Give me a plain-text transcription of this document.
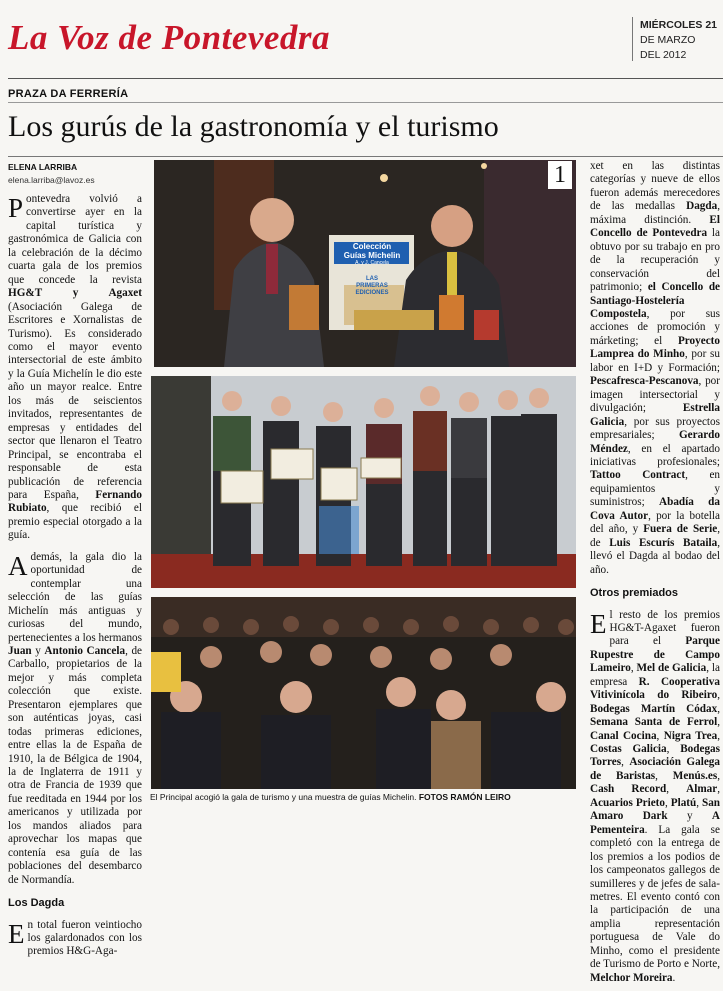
La Voz de Pontevedra	MIÉRCOLES 21
DE MARZO
DEL 2012
PRAZA DA FERRERÍA
Los gurús de la gastronomía y el turismo
ELENA LARRIBA
elena.larriba@lavoz.es

Pontevedra volvió a convertirse ayer en la capital turística y gastronómica de Galicia con la celebración de la décimo cuarta gala de los premios que concede la revista HG&T y Agaxet (Asociación Galega de Escritores e Xornalistas de Turismo). Es considerado como el mayor evento intersectorial de este ámbito y la Guía Michelín le dio este año un mayor realce. Entre los más de seiscientos invitados, representantes de empresas y entidades del sector que llenaron el Teatro Principal, se encontraba el responsable de esta publicación de referencia para España, Fernando Rubiato, que recibió el premio especial otorgado a la guía.

Además, la gala dio la oportunidad de contemplar una selección de las guías Michelín más antiguas y curiosas del mundo, pertenecientes a los hermanos Juan y Antonio Cancela, de Carballo, propietarios de la mejor y más completa colección que existe. Presentaron ejemplares que son auténticas joyas, casi todas primeras ediciones, entre ellas la de España de 1910, la de Bélgica de 1904, la de Inglaterra de 1911 y otra de Francia de 1939 que fue reeditada en 1944 por los americanos y utilizada por los mandos aliados para aprovechar los mapas que contenía esa guía de las poblaciones del desembarco de Normandía.

Los Dagda

En total fueron veintiocho los galardonados con los premios H&G-Aga-

Colección
Guías Michelin
A. y J. Cancela
LAS
PRIMERAS
EDICIONES
1
El Principal acogió la gala de turismo y una muestra de guías Michelin. FOTOS RAMÓN LEIRO

xet en las distintas categorías y nueve de ellos fueron además merecedores de las medallas Dagda, máxima distinción. El Concello de Pontevedra la obtuvo por su trabajo en pro de la recuperación y conservación del patrimonio; el Concello de Santiago-Hostelería Compostela, por sus acciones de promoción y márketing; el Proyecto Lamprea do Minho, por su labor en I+D y Formación; Pescafresca-Pescanova, por imagen intersectorial y divulgación; Estrella Galicia, por sus proyectos empresariales; Gerardo Méndez, en el apartado iniciativas profesionales; Tattoo Contract, en equipamientos y suministros; Abadía da Cova Autor, por la botella del año, y Fuera de Serie, de Luis Escurís Bataila, llevó el Dagda al bodao del año.

Otros premiados

El resto de los premios HG&T-Agaxet fueron para el Parque Rupestre de Campo Lameiro, Mel de Galicia, la empresa R. Cooperativa Vitivinícola do Ribeiro, Bodegas Martín Códax, Semana Santa de Ferrol, Canal Cocina, Nigra Trea, Costas Galicia, Bodegas Torres, Asociación Galega de Baristas, Menús.es, Cash Record, Almar, Acuarios Prieto, Platú, San Amaro Dark y A Pementeira. La gala se completó con la entrega de los premios a los podios de los campeonatos gallegos de sumilleres y de jefes de sala-metres. El evento contó con la participación de una amplia representación portuguesa de Vale do Minho, como el presidente de Turismo de Porto e Norte, Melchor Moreira.
